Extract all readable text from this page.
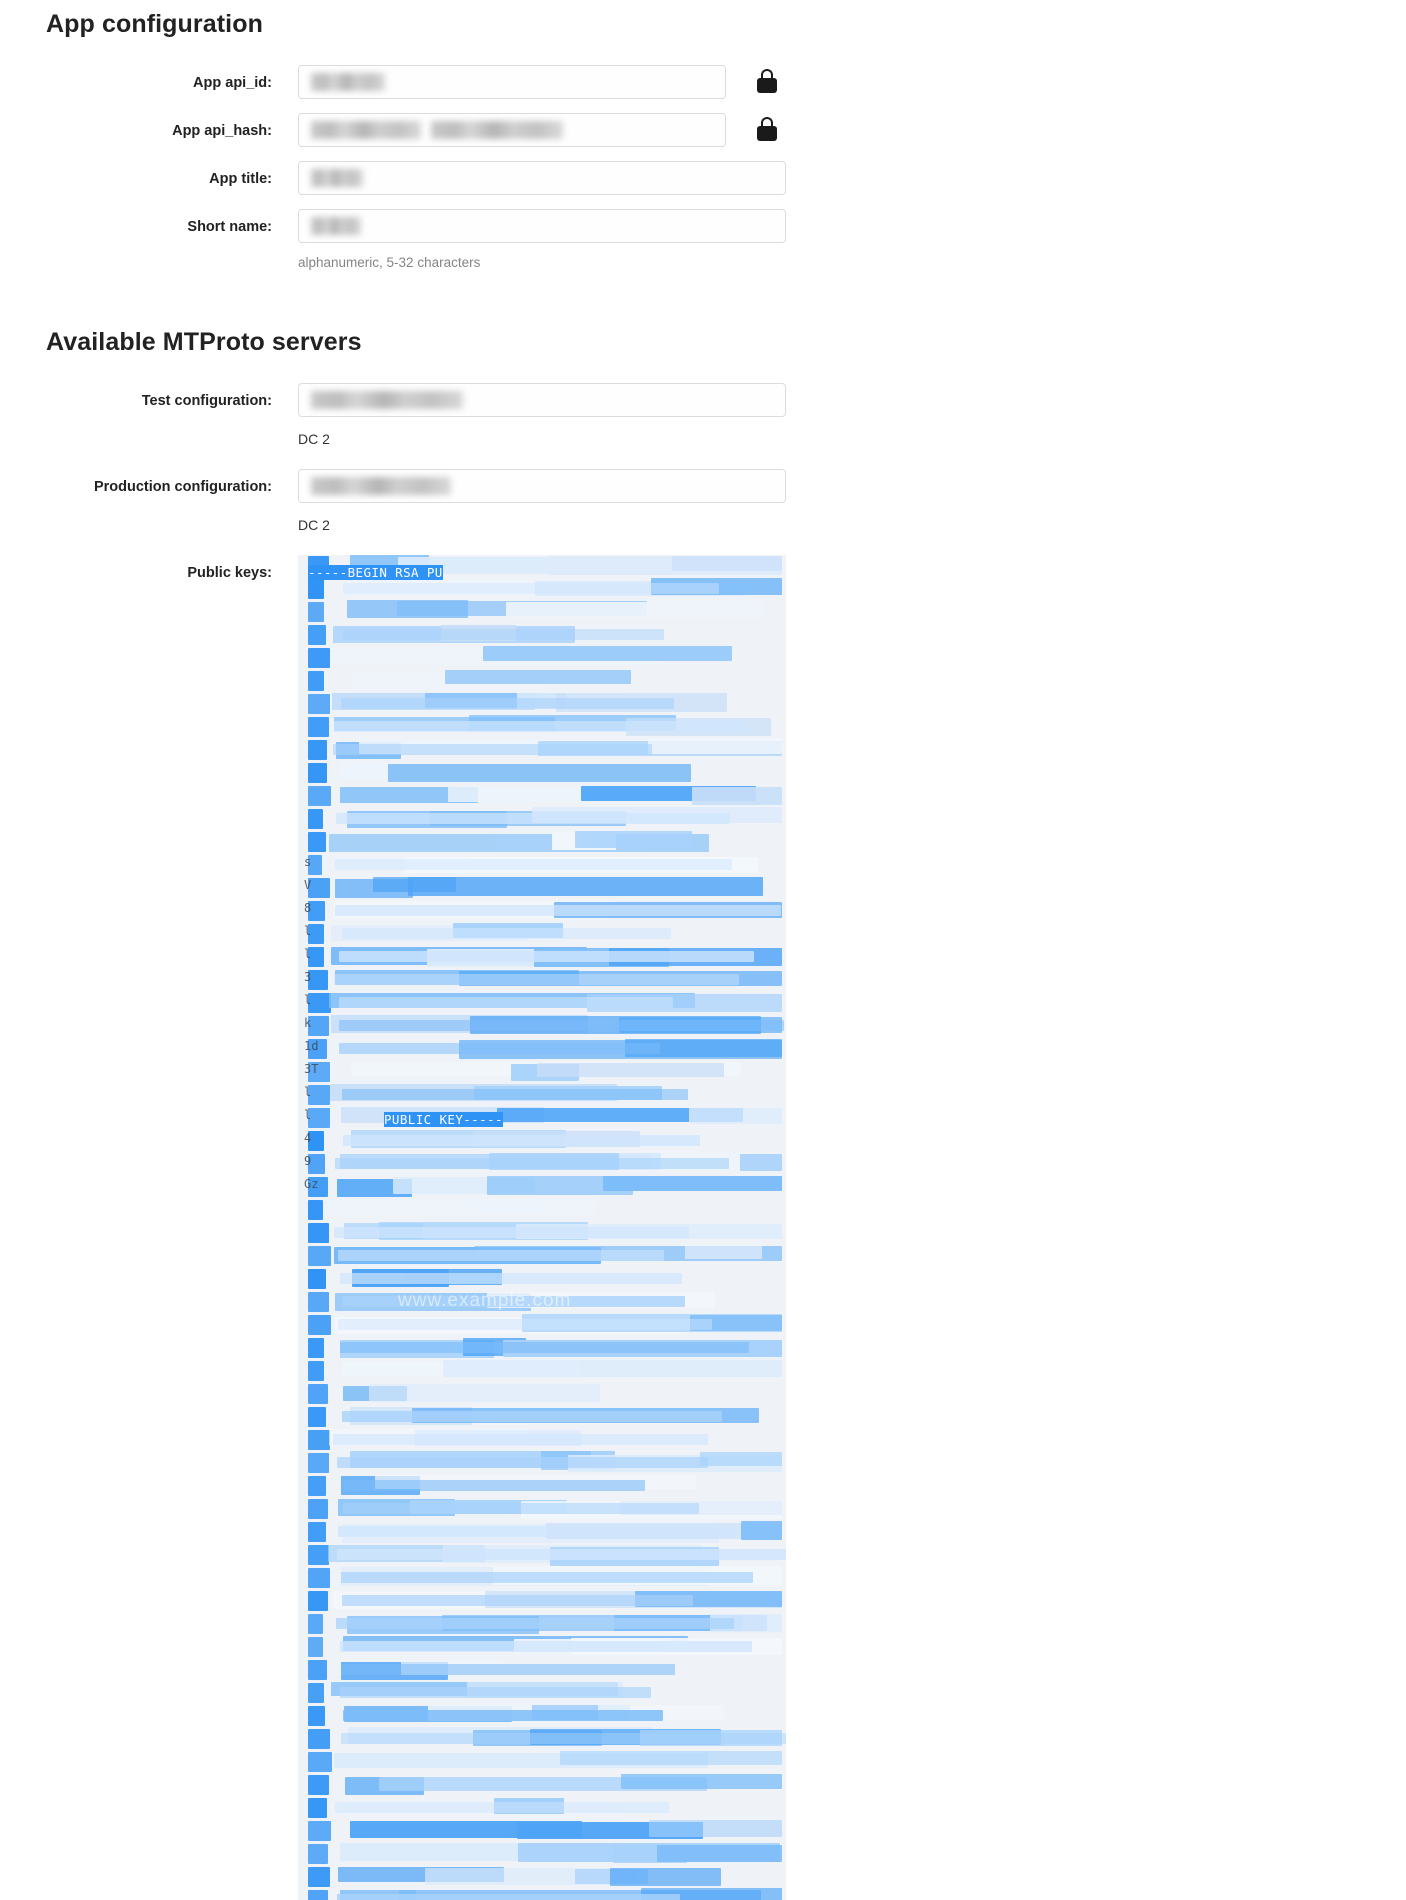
App configuration
App api_id:
App api_hash:
App title:
Short name:
alphanumeric, 5-32 characters
Available MTProto servers
Test configuration:
DC 2
Production configuration:
DC 2
Public keys:
s
V
8
l
l
3
l
k
1d
3T
l
l
4
9
Gz
-----BEGIN RSA PU
PUBLIC KEY-----
www.example.com
